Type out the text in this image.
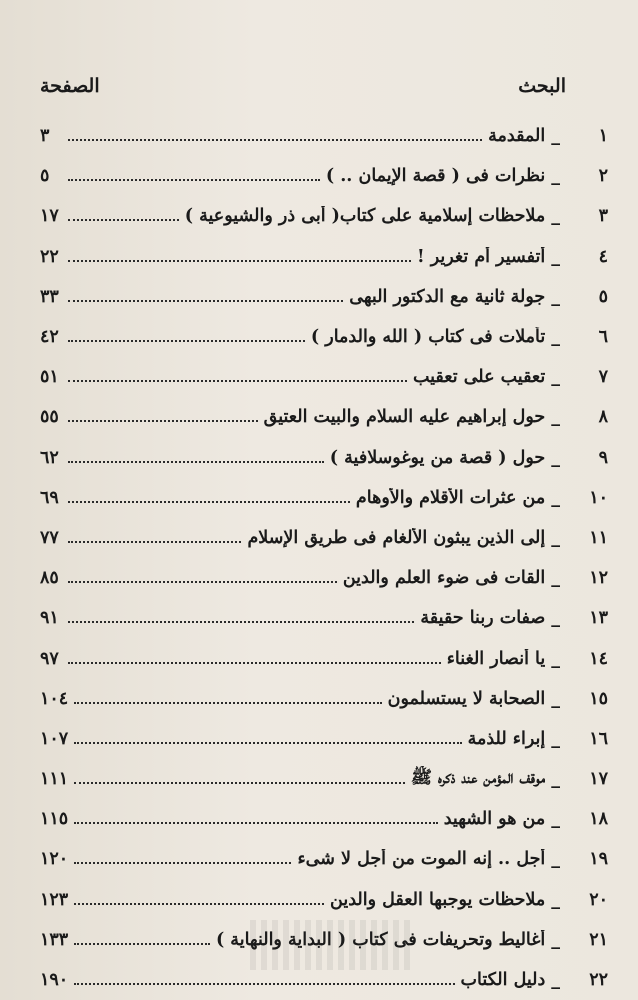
البحث
الصفحة
١
_
المقدمة
٣
٢
_
نظرات فى ( قصة الإيمان .. )
٥
٣
_
ملاحظات إسلامية على كتاب( أبى ذر والشيوعية )
١٧
٤
_
أتفسير أم تغرير !
٢٢
٥
_
جولة ثانية مع الدكتور البهى
٣٣
٦
_
تأملات فى كتاب ( الله والدمار )
٤٢
٧
_
تعقيب على تعقيب
٥١
٨
_
حول إبراهيم عليه السلام والبيت العتيق
٥٥
٩
_
حول ( قصة من يوغوسلافية )
٦٢
١٠
_
من عثرات الأقلام والأوهام
٦٩
١١
_
إلى الذين يبثون الألغام فى طريق الإسلام
٧٧
١٢
_
القات فى ضوء العلم والدين
٨٥
١٣
_
صفات ربنا حقيقة
٩١
١٤
_
يا أنصار الغناء
٩٧
١٥
_
الصحابة لا يستسلمون
١٠٤
١٦
_
إبراء للذمة
١٠٧
١٧
_
موقف المؤمن عند ذكره ﷺ
١١١
١٨
_
من هو الشهيد
١١٥
١٩
_
أجل .. إنه الموت من أجل لا شىء
١٢٠
٢٠
_
ملاحظات يوجبها العقل والدين
١٢٣
٢١
_
أغاليط وتحريفات فى كتاب ( البداية والنهاية )
١٣٣
٢٢
_
دليل الكتاب
١٩٠
